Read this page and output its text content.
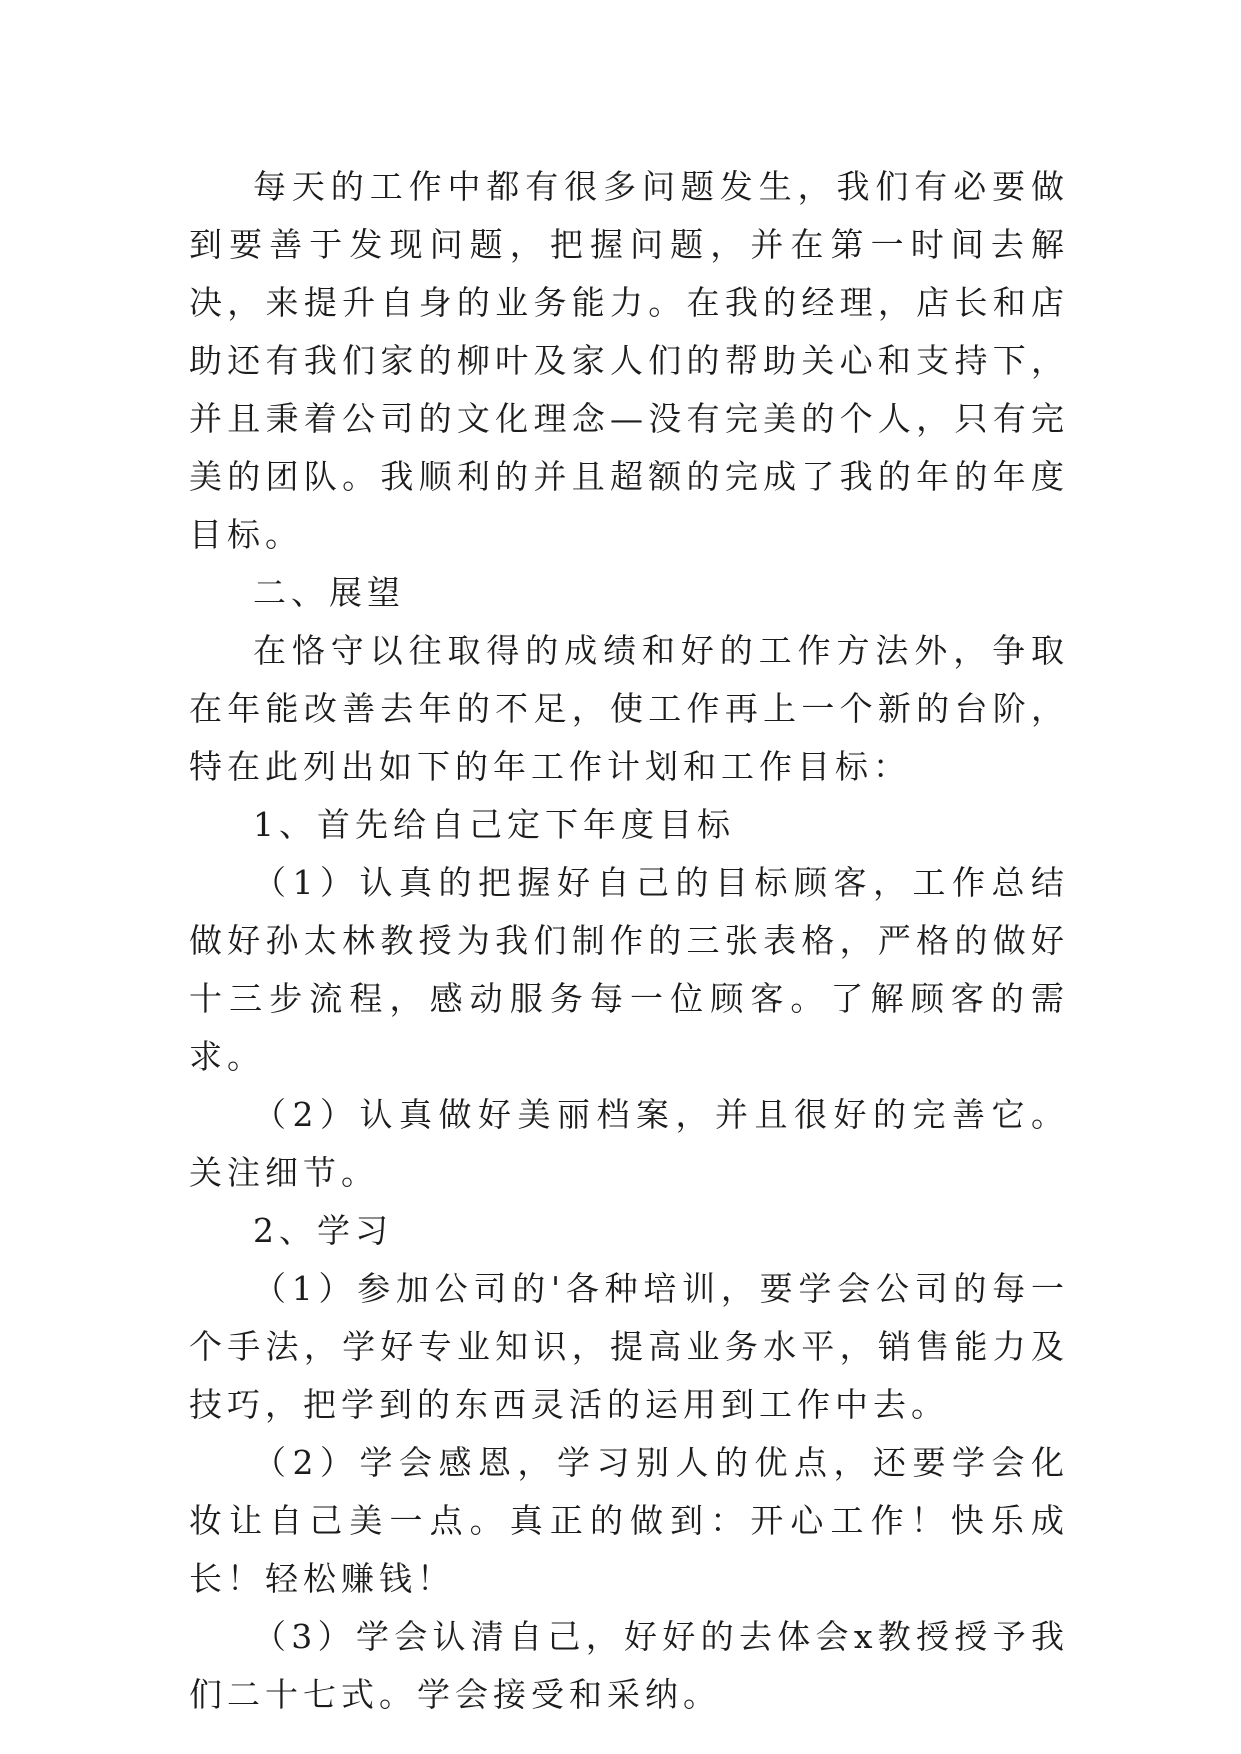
每天的工作中都有很多问题发生，我们有必要做到要善于发现问题，把握问题，并在第一时间去解决，来提升自身的业务能力。在我的经理，店长和店助还有我们家的柳叶及家人们的帮助关心和支持下，并且秉着公司的文化理念—没有完美的个人，只有完美的团队。我顺利的并且超额的完成了我的年的年度目标。

二、展望

在恪守以往取得的成绩和好的工作方法外，争取在年能改善去年的不足，使工作再上一个新的台阶，特在此列出如下的年工作计划和工作目标：

1、首先给自己定下年度目标

（1）认真的把握好自己的目标顾客，工作总结做好孙太林教授为我们制作的三张表格，严格的做好十三步流程，感动服务每一位顾客。了解顾客的需求。

（2）认真做好美丽档案，并且很好的完善它。关注细节。

2、学习

（1）参加公司的'各种培训，要学会公司的每一个手法，学好专业知识，提高业务水平，销售能力及技巧，把学到的东西灵活的运用到工作中去。

（2）学会感恩，学习别人的优点，还要学会化妆让自己美一点。真正的做到：开心工作！快乐成长！轻松赚钱！

（3）学会认清自己，好好的去体会x教授授予我们二十七式。学会接受和采纳。
